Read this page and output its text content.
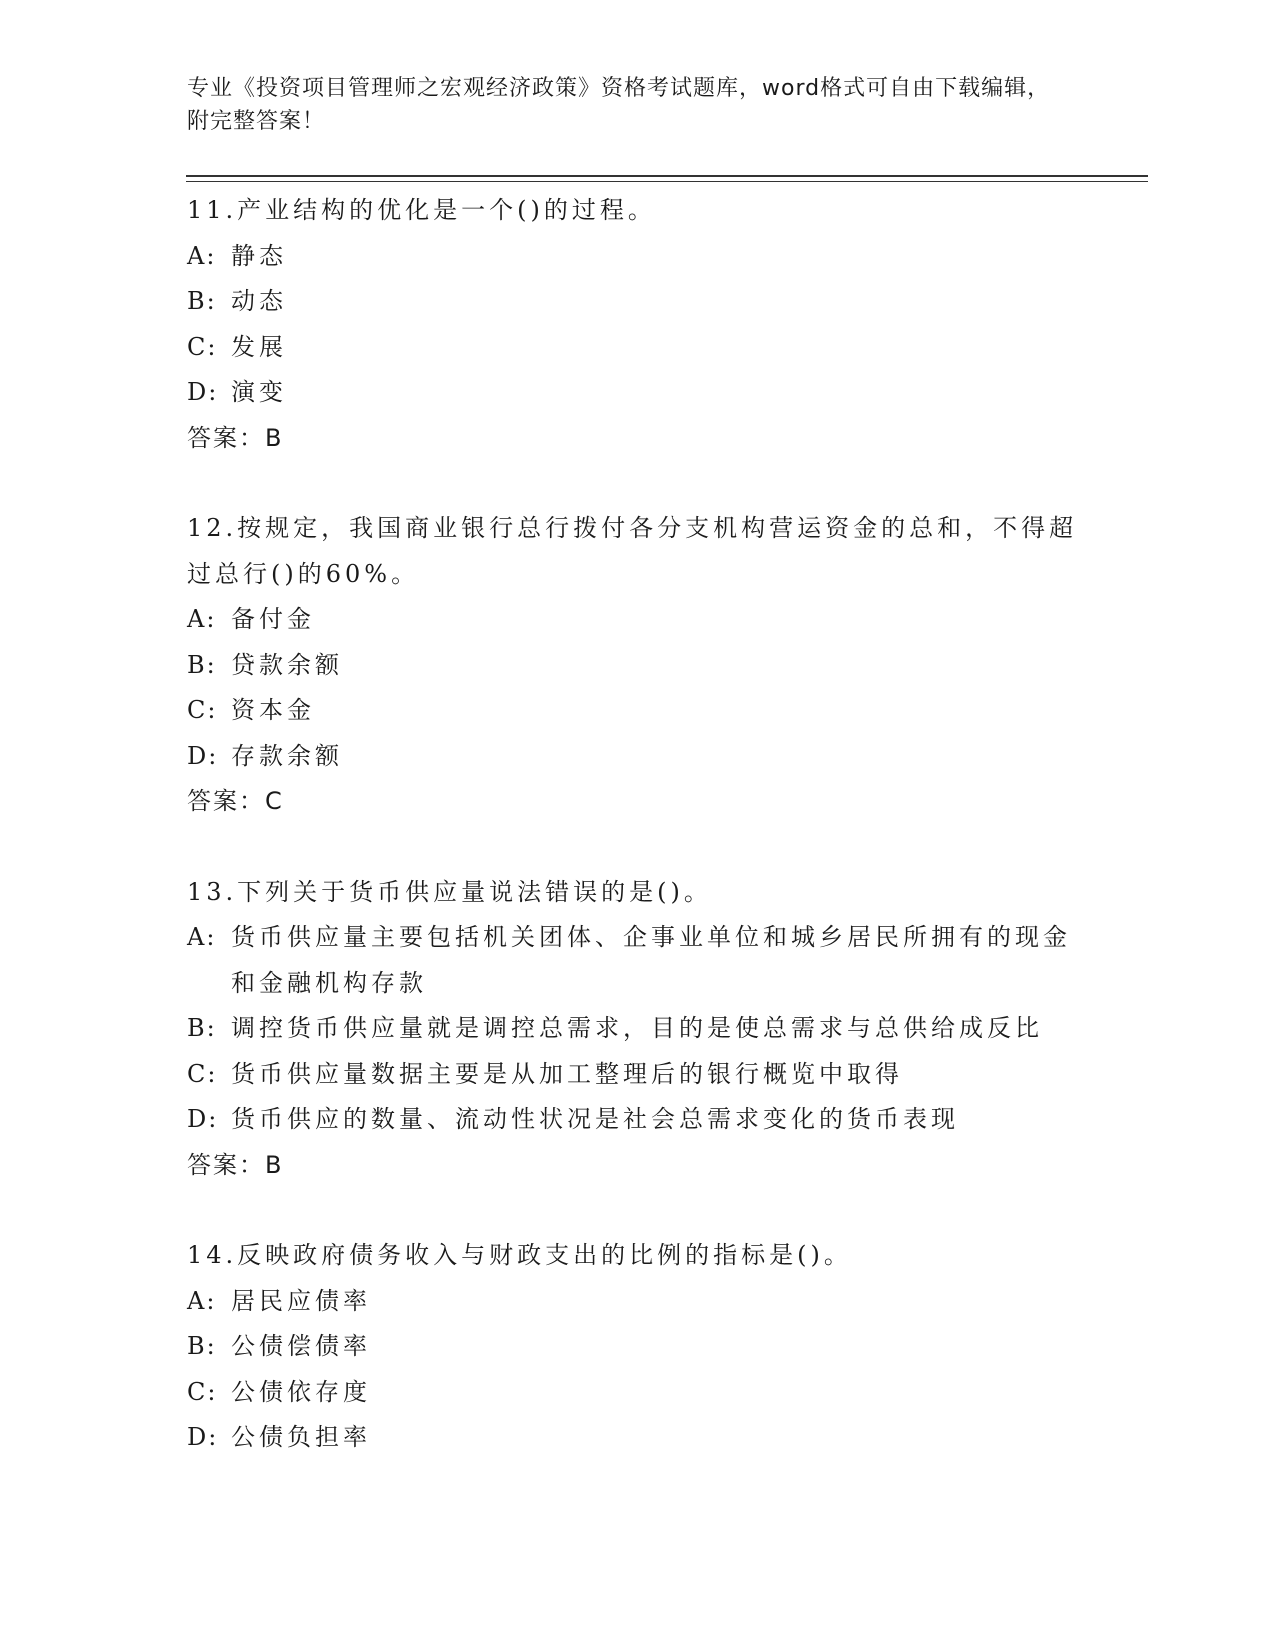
专业《投资项目管理师之宏观经济政策》资格考试题库，word格式可自由下载编辑，附完整答案！
11.产业结构的优化是一个()的过程。
A: 静态
B: 动态
C: 发展
D: 演变
答案：B
12.按规定，我国商业银行总行拨付各分支机构营运资金的总和，不得超过总行()的60%。
A: 备付金
B: 贷款余额
C: 资本金
D: 存款余额
答案：C
13.下列关于货币供应量说法错误的是()。
A: 货币供应量主要包括机关团体、企事业单位和城乡居民所拥有的现金和金融机构存款
B: 调控货币供应量就是调控总需求，目的是使总需求与总供给成反比
C: 货币供应量数据主要是从加工整理后的银行概览中取得
D: 货币供应的数量、流动性状况是社会总需求变化的货币表现
答案：B
14.反映政府债务收入与财政支出的比例的指标是()。
A: 居民应债率
B: 公债偿债率
C: 公债依存度
D: 公债负担率
